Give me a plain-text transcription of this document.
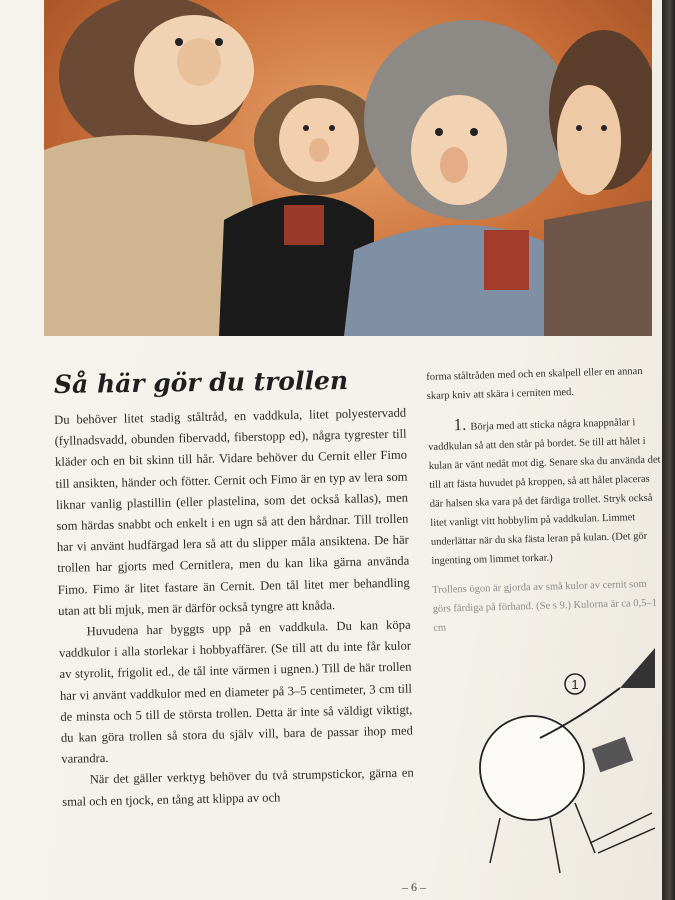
Så här gör du trollen

Du behöver litet stadig ståltråd, en vaddkula, litet polyestervadd (fyllnadsvadd, obunden fibervadd, fiberstopp ed), några tygrester till kläder och en bit skinn till hår. Vidare behöver du Cernit eller Fimo till ansikten, händer och fötter. Cernit och Fimo är en typ av lera som liknar vanlig plastillin (eller plastelina, som det också kallas), men som härdas snabbt och enkelt i en ugn så att den hårdnar. Till trollen har vi använt hudfärgad lera så att du slipper måla ansiktena. De här trollen har gjorts med Cernitlera, men du kan lika gärna använda Fimo. Fimo är litet fastare än Cernit. Den tål litet mer behandling utan att bli mjuk, men är därför också tyngre att knåda.

Huvudena har byggts upp på en vaddkula. Du kan köpa vaddkulor i alla storlekar i hobbyaffärer. (Se till att du inte får kulor av styrolit, frigolit ed., de tål inte värmen i ugnen.) Till de här trollen har vi använt vaddkulor med en diameter på 3–5 centimeter, 3 cm till de minsta och 5 till de största trollen. Detta är inte så väldigt viktigt, du kan göra trollen så stora du själv vill, bara de passar ihop med varandra.

När det gäller verktyg behöver du två strumpstickor, gärna en smal och en tjock, en tång att klippa av och

forma ståltråden med och en skalpell eller en annan skarp kniv att skära i cerniten med.

1. Börja med att sticka några knappnålar i vaddkulan så att den står på bordet. Se till att hålet i kulan är vänt nedåt mot dig. Senare ska du använda det till att fästa huvudet på kroppen, så att hålet placeras där halsen ska vara på det färdiga trollet. Stryk också litet vanligt vitt hobbylim på vaddkulan. Limmet underlättar när du ska fästa leran på kulan. (Det gör ingenting om limmet torkar.)

Trollens ögon är gjorda av små kulor av cernit som görs färdiga på förhand. (Se s 9.) Kulorna är ca 0,5–1 cm

1
– 6 –
